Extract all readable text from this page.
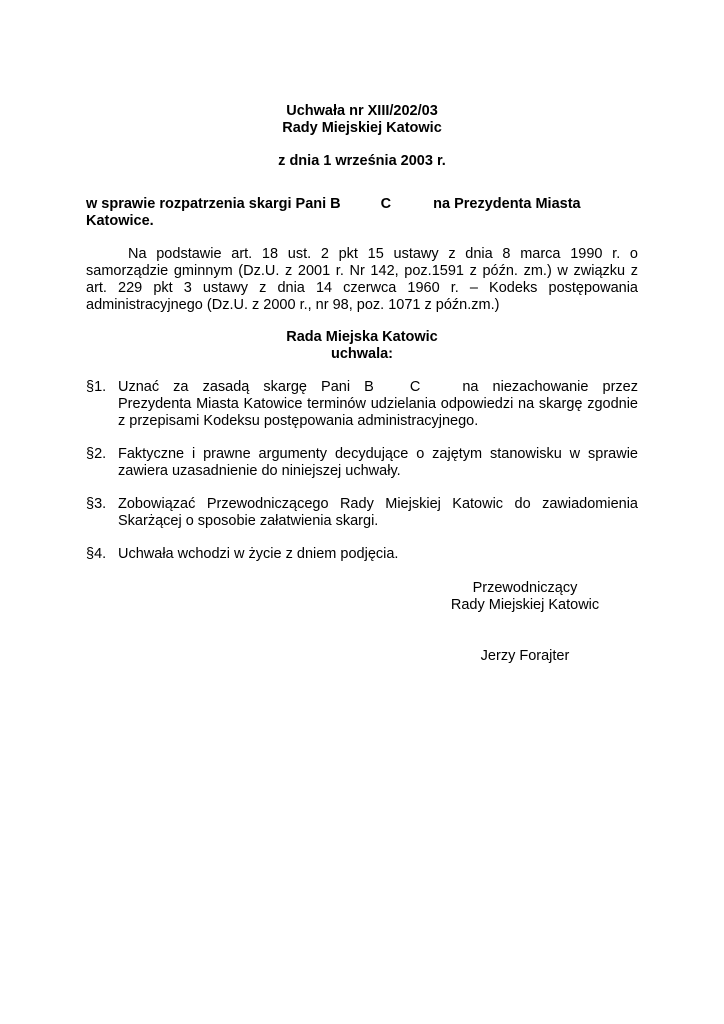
Uchwała nr XIII/202/03
Rady Miejskiej Katowic
z dnia 1 września 2003 r.
w sprawie rozpatrzenia skargi Pani B	C	na Prezydenta Miasta
Katowice.
Na podstawie art. 18 ust. 2 pkt 15 ustawy z dnia 8 marca 1990 r. o samorządzie gminnym (Dz.U. z 2001 r. Nr 142, poz.1591 z późn. zm.) w związku z art. 229 pkt 3 ustawy z dnia 14 czerwca 1960 r. – Kodeks postępowania administracyjnego (Dz.U. z 2000 r., nr 98, poz. 1071 z późn.zm.)
Rada Miejska Katowic
uchwala:
§1. Uznać za zasadą skargę Pani B C	na niezachowanie przez Prezydenta Miasta Katowice terminów udzielania odpowiedzi na skargę zgodnie z przepisami Kodeksu postępowania administracyjnego.
§2. Faktyczne i prawne argumenty decydujące o zajętym stanowisku w sprawie zawiera uzasadnienie do niniejszej uchwały.
§3. Zobowiązać Przewodniczącego Rady Miejskiej Katowic do zawiadomienia Skarżącej o sposobie załatwienia skargi.
§4. Uchwała wchodzi w życie z dniem podjęcia.
Przewodniczący
Rady Miejskiej Katowic
Jerzy Forajter
